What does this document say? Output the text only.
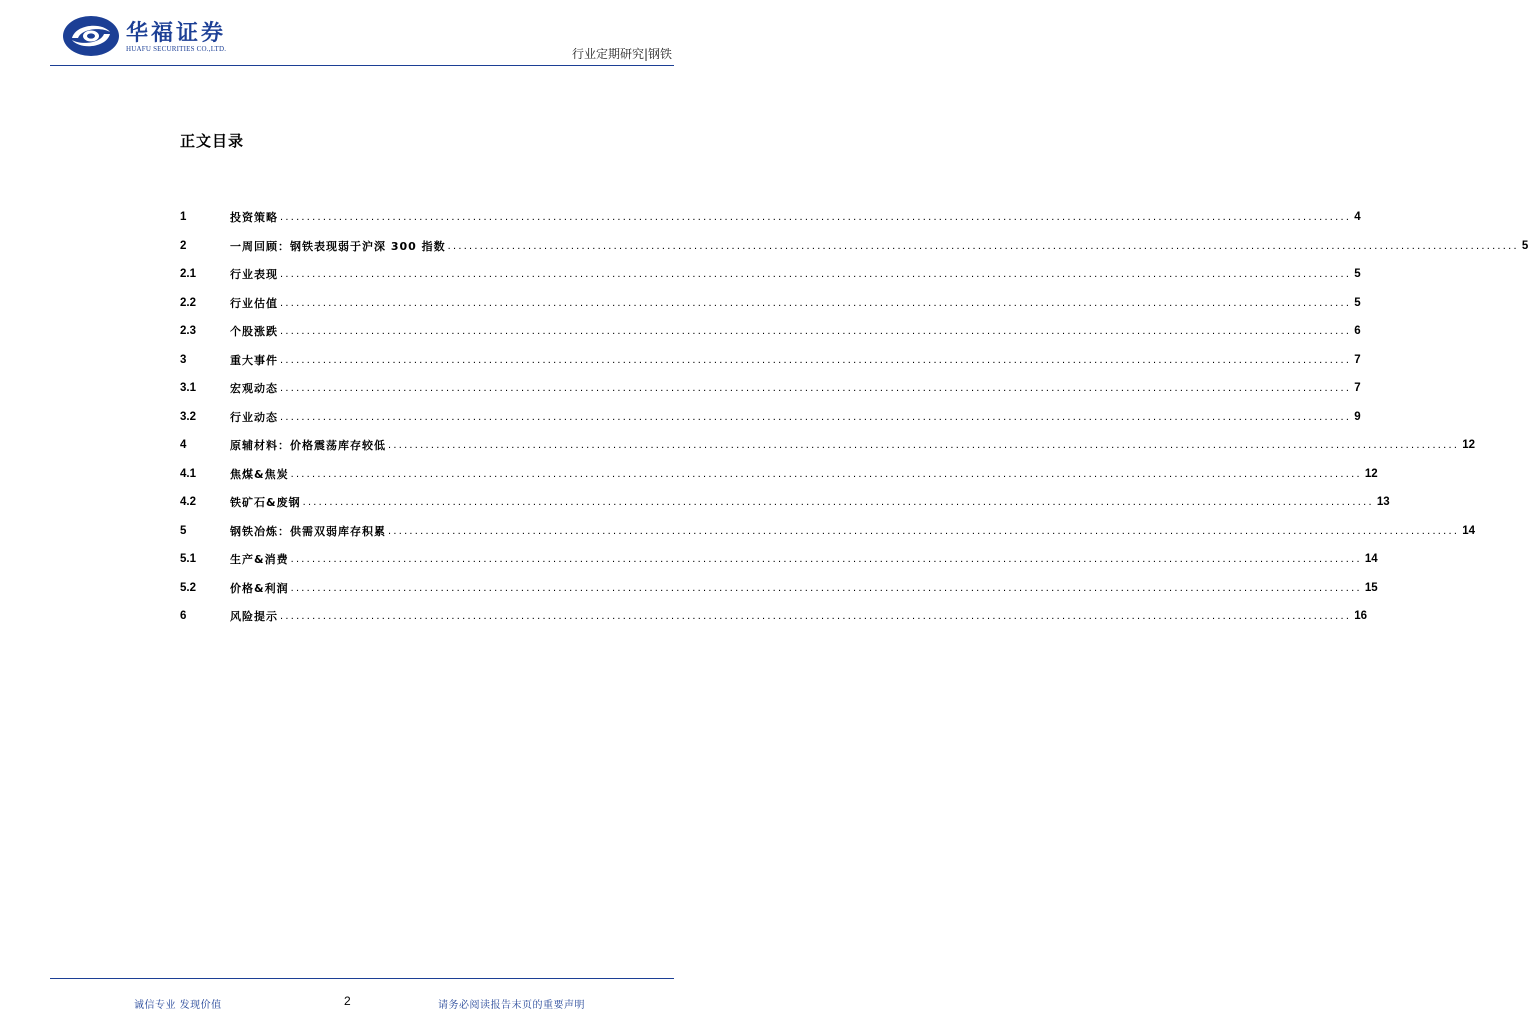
华福证券
HUAFU SECURITIES CO.,LTD.	行业定期研究|钢铁
正文目录
1	投资策略 ........................................................................................................................................................................................................ 4
2	一周回顾：钢铁表现弱于沪深 300 指数 ........................................................................................................................................................................................................ 5
2.1	行业表现 ........................................................................................................................................................................................................ 5
2.2	行业估值 ........................................................................................................................................................................................................ 5
2.3	个股涨跌 ........................................................................................................................................................................................................ 6
3	重大事件 ........................................................................................................................................................................................................ 7
3.1	宏观动态 ........................................................................................................................................................................................................ 7
3.2	行业动态 ........................................................................................................................................................................................................ 9
4	原辅材料：价格震荡库存较低 ........................................................................................................................................................................................................ 12
4.1	焦煤&焦炭 ........................................................................................................................................................................................................ 12
4.2	铁矿石&废钢 ........................................................................................................................................................................................................ 13
5	钢铁冶炼：供需双弱库存积累 ........................................................................................................................................................................................................ 14
5.1	生产&消费 ........................................................................................................................................................................................................ 14
5.2	价格&利润 ........................................................................................................................................................................................................ 15
6	风险提示 ........................................................................................................................................................................................................ 16
诚信专业 发现价值	2	请务必阅读报告末页的重要声明
